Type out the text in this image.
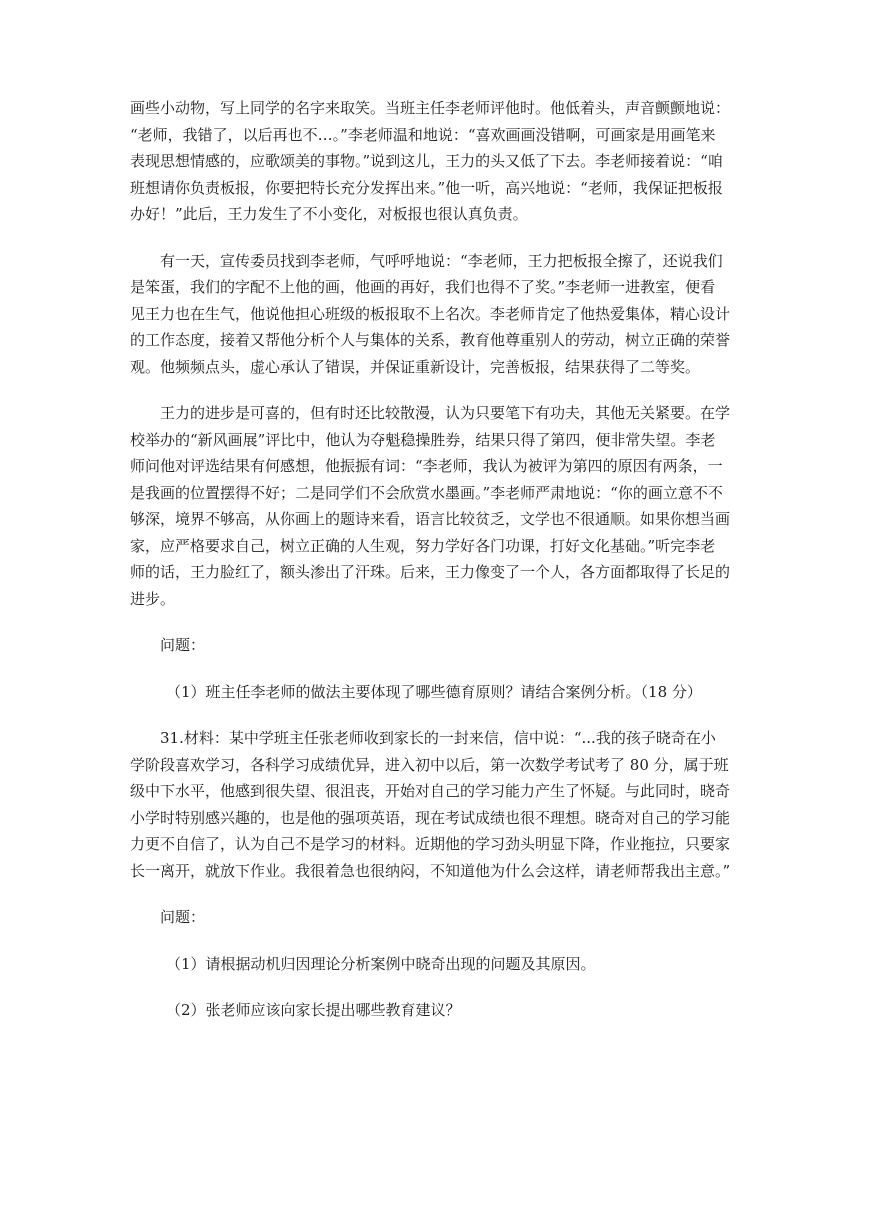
画些小动物，写上同学的名字来取笑。当班主任李老师评他时。他低着头，声音颤颤地说：
“老师，我错了，以后再也不…。”李老师温和地说：“喜欢画画没错啊，可画家是用画笔来
表现思想情感的，应歌颂美的事物。”说到这儿，王力的头又低了下去。李老师接着说：“咱
班想请你负责板报，你要把特长充分发挥出来。”他一听，高兴地说：“老师，我保证把板报
办好！”此后，王力发生了不小变化，对板报也很认真负责。

有一天，宣传委员找到李老师，气呼呼地说：“李老师，王力把板报全擦了，还说我们
是笨蛋，我们的字配不上他的画，他画的再好，我们也得不了奖。”李老师一进教室，便看
见王力也在生气，他说他担心班级的板报取不上名次。李老师肯定了他热爱集体，精心设计
的工作态度，接着又帮他分析个人与集体的关系，教育他尊重别人的劳动，树立正确的荣誉
观。他频频点头，虚心承认了错误，并保证重新设计，完善板报，结果获得了二等奖。

王力的进步是可喜的，但有时还比较散漫，认为只要笔下有功夫，其他无关紧要。在学
校举办的“新风画展”评比中，他认为夺魁稳操胜券，结果只得了第四，便非常失望。李老
师问他对评选结果有何感想，他振振有词：“李老师，我认为被评为第四的原因有两条，一
是我画的位置摆得不好；二是同学们不会欣赏水墨画。”李老师严肃地说：“你的画立意不不
够深，境界不够高，从你画上的题诗来看，语言比较贫乏，文学也不很通顺。如果你想当画
家，应严格要求自己，树立正确的人生观，努力学好各门功课，打好文化基础。”听完李老
师的话，王力脸红了，额头渗出了汗珠。后来，王力像变了一个人，各方面都取得了长足的
进步。

问题：

（1）班主任李老师的做法主要体现了哪些德育原则？请结合案例分析。（18 分）

31.材料：某中学班主任张老师收到家长的一封来信，信中说：“...我的孩子晓奇在小
学阶段喜欢学习，各科学习成绩优异，进入初中以后，第一次数学考试考了 80 分，属于班
级中下水平，他感到很失望、很沮丧，开始对自己的学习能力产生了怀疑。与此同时，晓奇
小学时特别感兴趣的，也是他的强项英语，现在考试成绩也很不理想。晓奇对自己的学习能
力更不自信了，认为自己不是学习的材料。近期他的学习劲头明显下降，作业拖拉，只要家
长一离开，就放下作业。我很着急也很纳闷，不知道他为什么会这样，请老师帮我出主意。”

问题：

（1）请根据动机归因理论分析案例中晓奇出现的问题及其原因。

（2）张老师应该向家长提出哪些教育建议？
